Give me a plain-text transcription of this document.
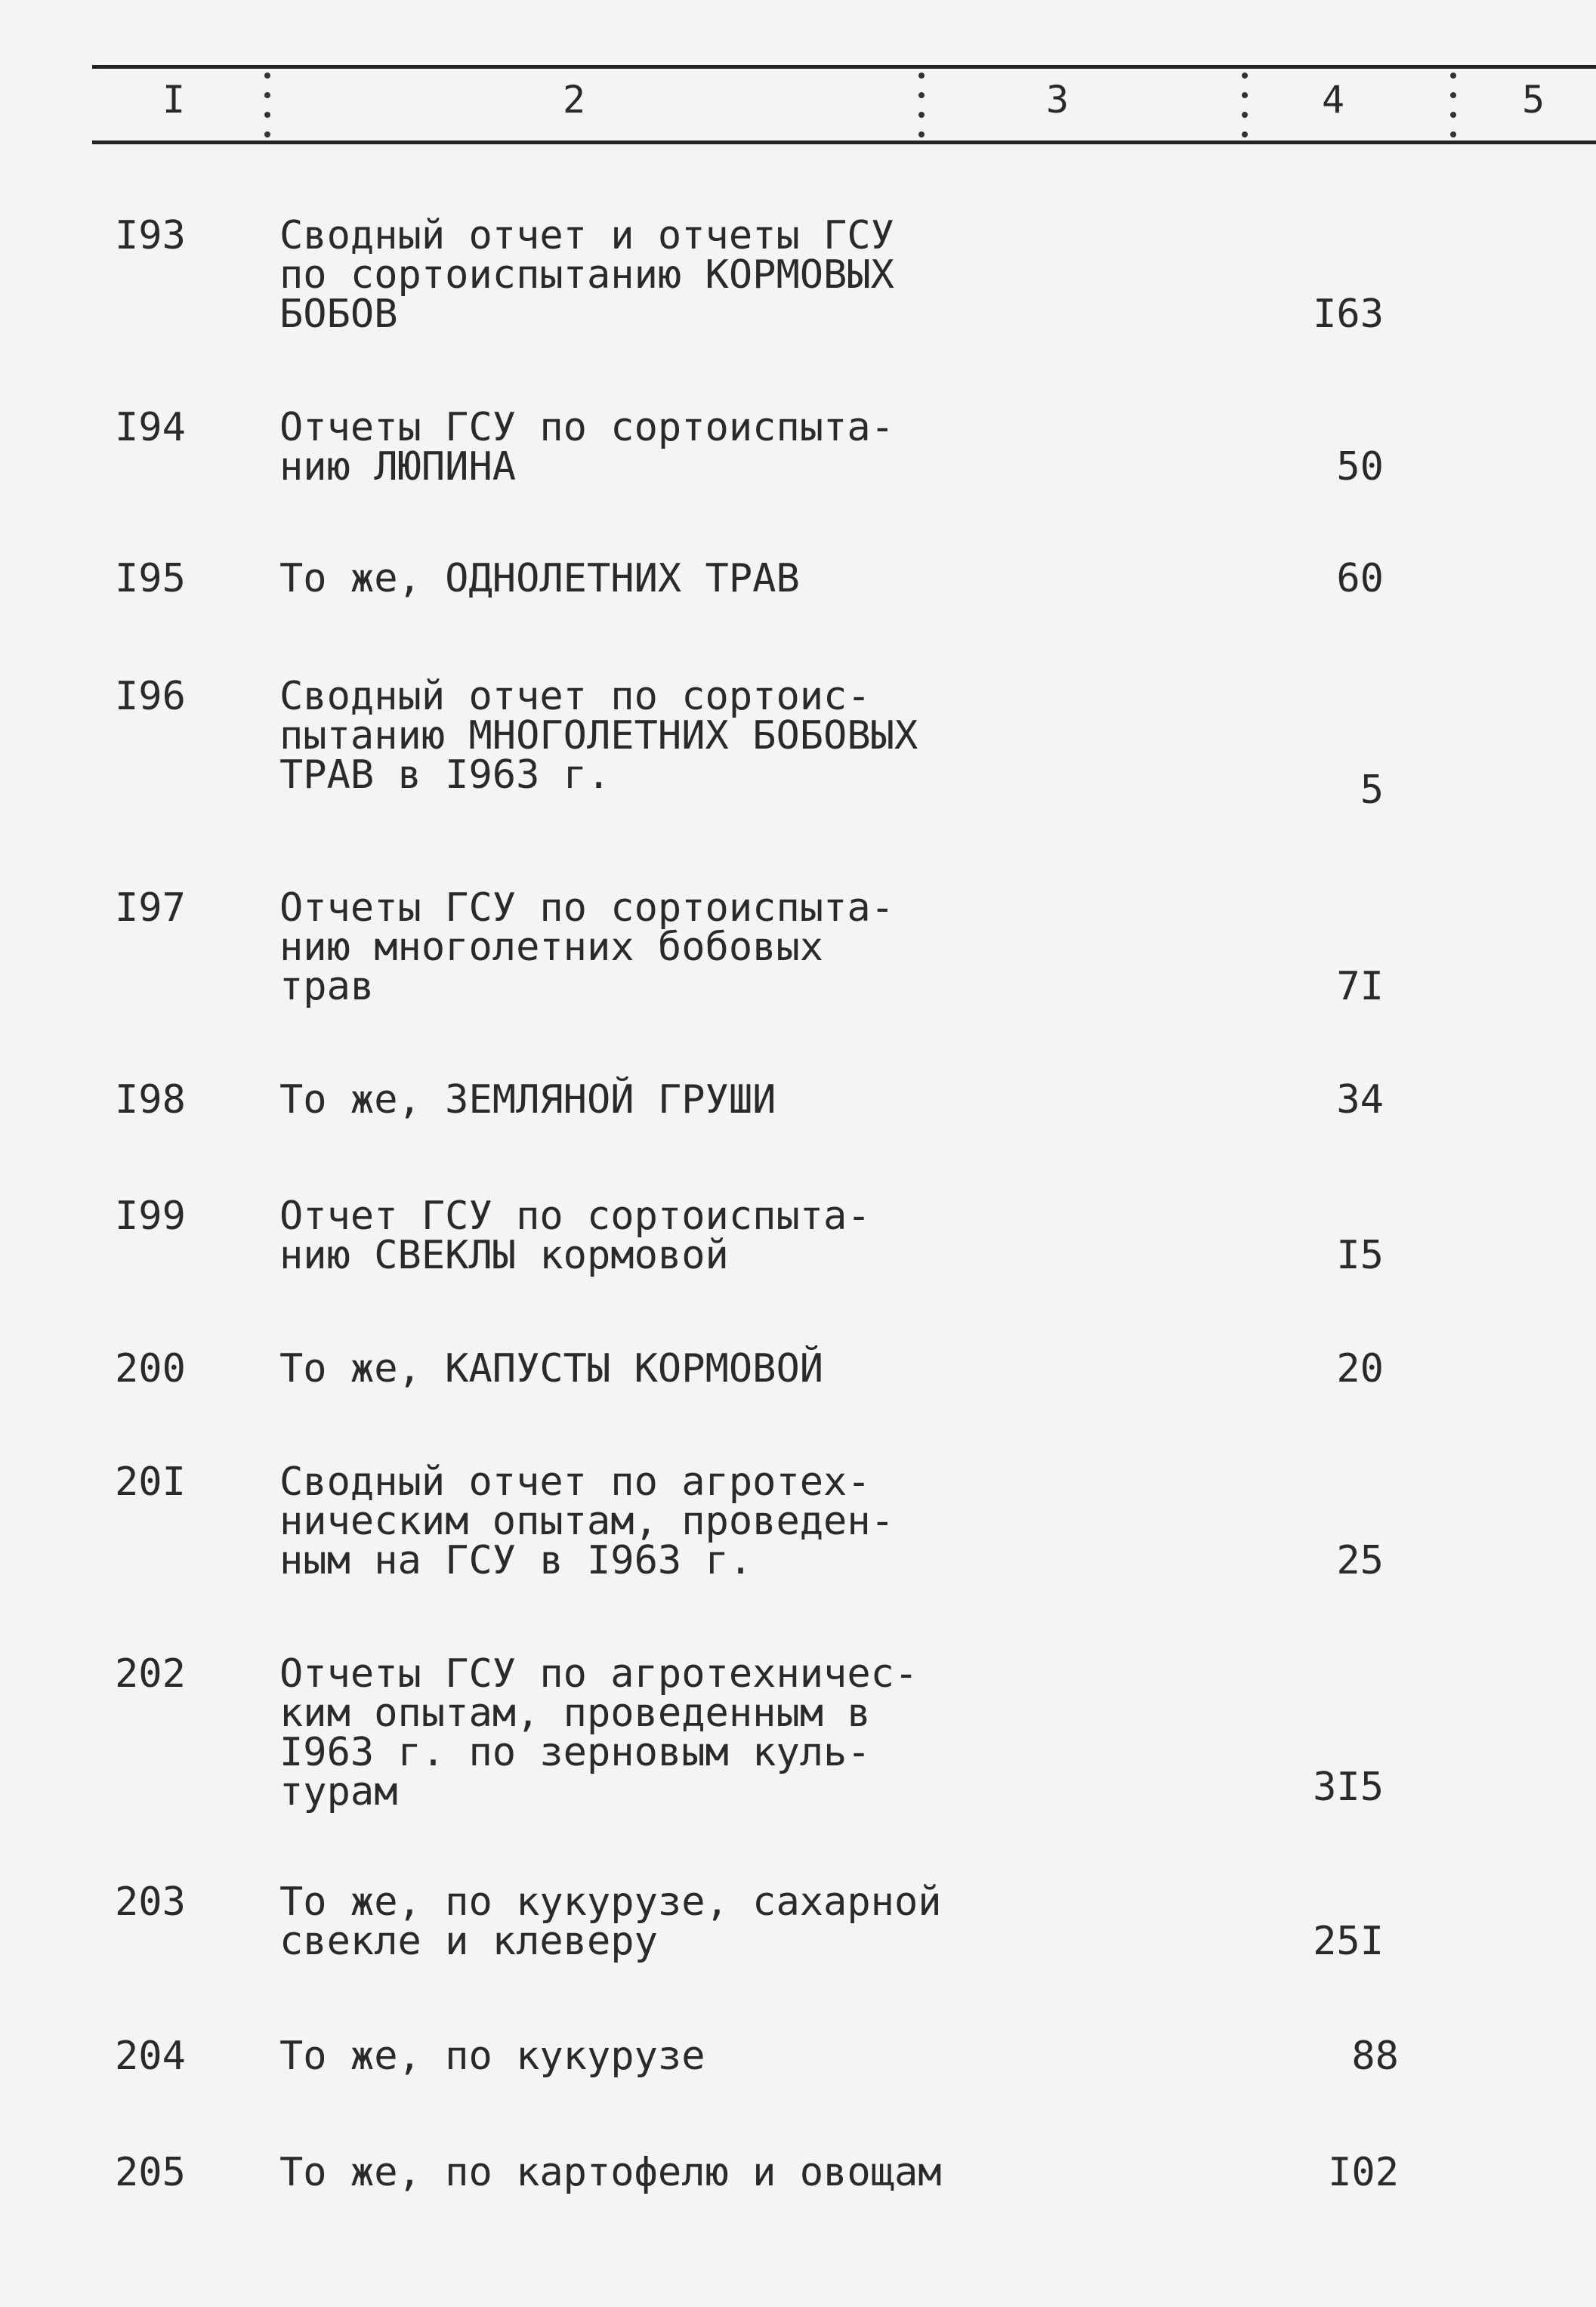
I	2	3	4	5
I93	Сводный отчет и отчеты ГСУ
по сортоиспытанию КОРМОВЫХ
БОБОВ	I63
I94	Отчеты ГСУ по сортоиспыта-
нию ЛЮПИНА	50
I95	То же, ОДНОЛЕТНИХ ТРАВ	60
I96	Сводный отчет по сортоис-
пытанию МНОГОЛЕТНИХ БОБОВЫХ
ТРАВ в I963 г.	5
I97	Отчеты ГСУ по сортоиспыта-
нию многолетних бобовых
трав	7I
I98	То же, ЗЕМЛЯНОЙ ГРУШИ	34
I99	Отчет ГСУ по сортоиспыта-
нию СВЕКЛЫ кормовой	I5
200	То же, КАПУСТЫ КОРМОВОЙ	20
20I	Сводный отчет по агротех-
ническим опытам, проведен-
ным на ГСУ в I963 г.	25
202	Отчеты ГСУ по агротехничес-
ким опытам, проведенным в
I963 г. по зерновым куль-
турам	3I5
203	То же, по кукурузе, сахарной
свекле и клеверу	25I
204	То же, по кукурузе	88
205	То же, по картофелю и овощам	I02
